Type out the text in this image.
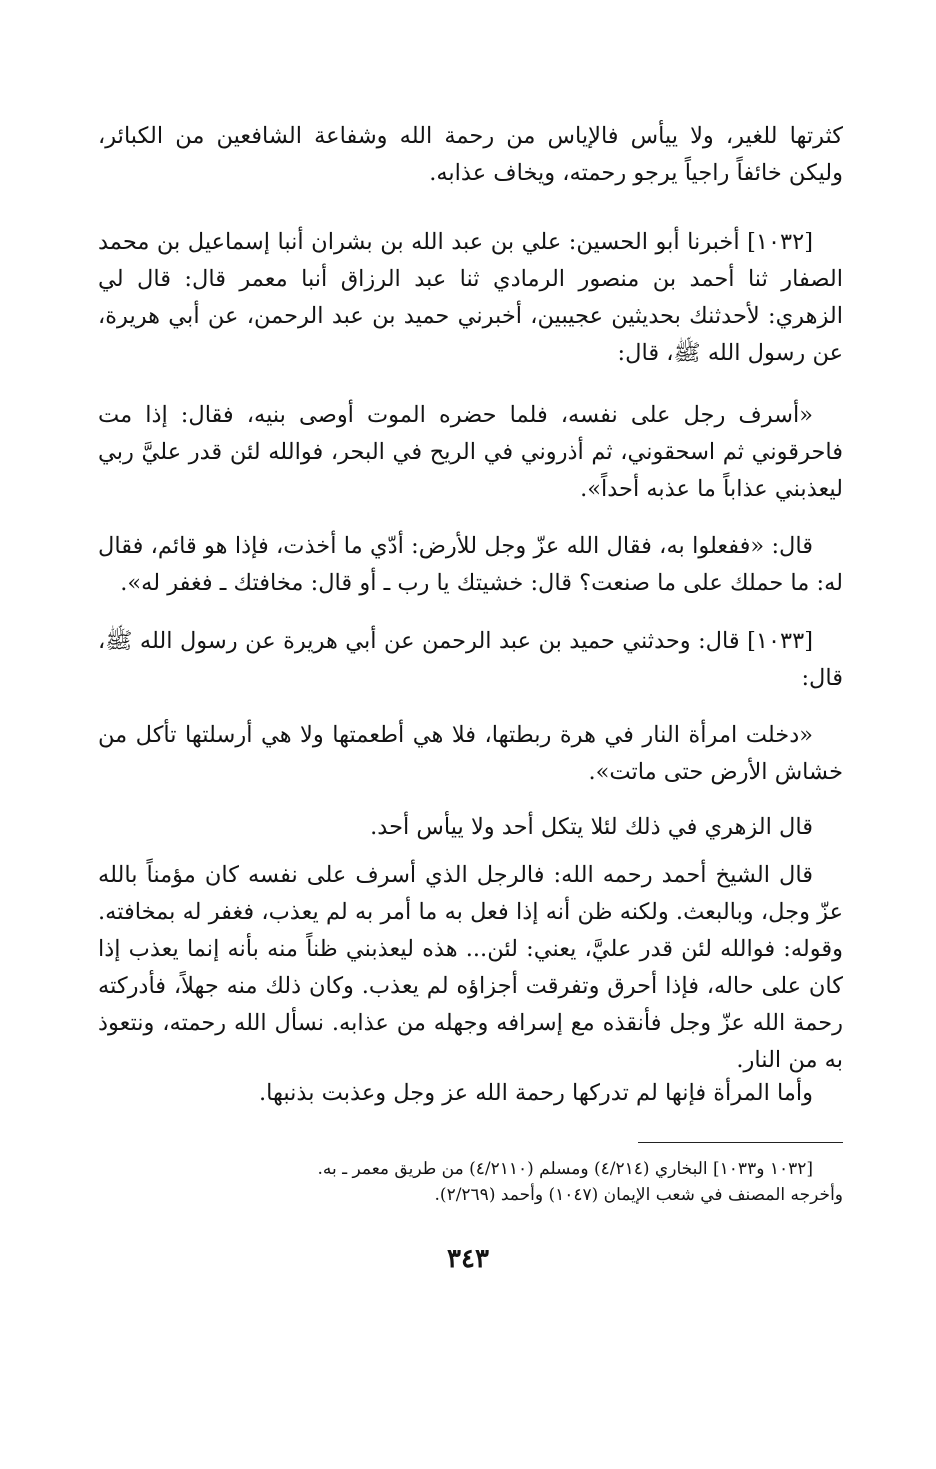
كثرتها للغير، ولا ييأس فالإياس من رحمة الله وشفاعة الشافعين من الكبائر، وليكن خائفاً راجياً يرجو رحمته، ويخاف عذابه.

[١٠٣٢] أخبرنا أبو الحسين: علي بن عبد الله بن بشران أنبا إسماعيل بن محمد الصفار ثنا أحمد بن منصور الرمادي ثنا عبد الرزاق أنبا معمر قال: قال لي الزهري: لأحدثنك بحديثين عجيبين، أخبرني حميد بن عبد الرحمن، عن أبي هريرة، عن رسول الله ﷺ، قال:

«أسرف رجل على نفسه، فلما حضره الموت أوصى بنيه، فقال: إذا مت فاحرقوني ثم اسحقوني، ثم أذروني في الريح في البحر، فوالله لئن قدر عليَّ ربي ليعذبني عذاباً ما عذبه أحداً».

قال: «ففعلوا به، فقال الله عزّ وجل للأرض: أدّي ما أخذت، فإذا هو قائم، فقال له: ما حملك على ما صنعت؟ قال: خشيتك يا رب ـ أو قال: مخافتك ـ فغفر له».

[١٠٣٣] قال: وحدثني حميد بن عبد الرحمن عن أبي هريرة عن رسول الله ﷺ، قال:

«دخلت امرأة النار في هرة ربطتها، فلا هي أطعمتها ولا هي أرسلتها تأكل من خشاش الأرض حتى ماتت».

قال الزهري في ذلك لئلا يتكل أحد ولا ييأس أحد.

قال الشيخ أحمد رحمه الله: فالرجل الذي أسرف على نفسه كان مؤمناً بالله عزّ وجل، وبالبعث. ولكنه ظن أنه إذا فعل به ما أمر به لم يعذب، فغفر له بمخافته. وقوله: فوالله لئن قدر عليَّ، يعني: لئن... هذه ليعذبني ظناً منه بأنه إنما يعذب إذا كان على حاله، فإذا أحرق وتفرقت أجزاؤه لم يعذب. وكان ذلك منه جهلاً، فأدركته رحمة الله عزّ وجل فأنقذه مع إسرافه وجهله من عذابه. نسأل الله رحمته، ونتعوذ به من النار.

وأما المرأة فإنها لم تدركها رحمة الله عز وجل وعذبت بذنبها.

[١٠٣٢ و١٠٣٣] البخاري (٤/٢١٤) ومسلم (٤/٢١١٠) من طريق معمر ـ به.
وأخرجه المصنف في شعب الإيمان (١٠٤٧) وأحمد (٢/٢٦٩).
٣٤٣
